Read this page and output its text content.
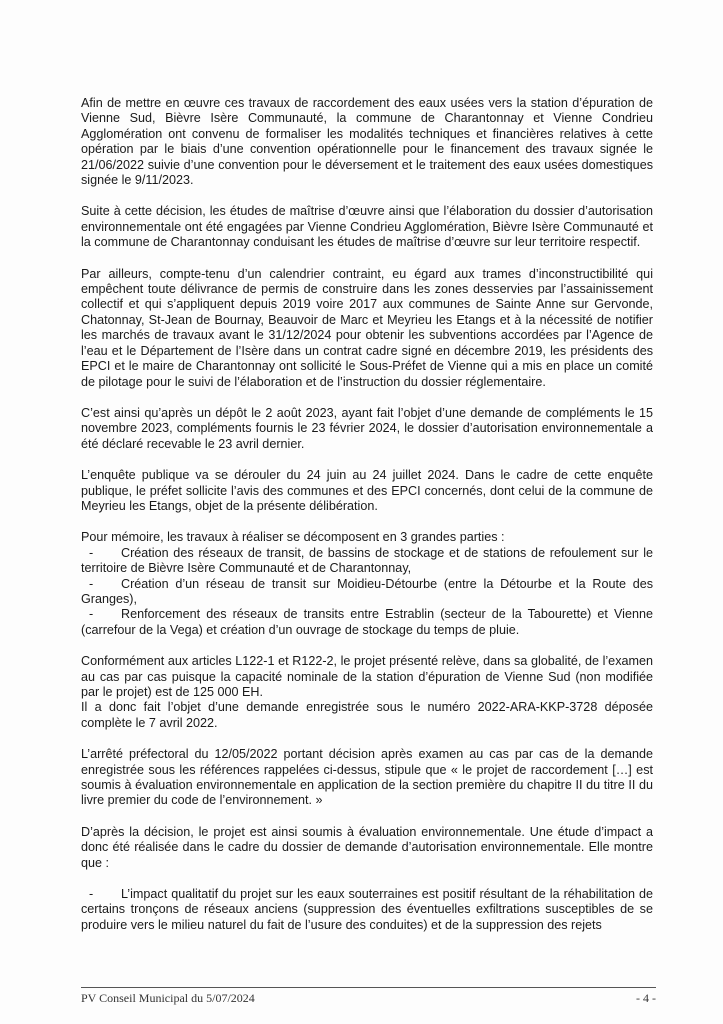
Afin de mettre en œuvre ces travaux de raccordement des eaux usées vers la station d’épuration de Vienne Sud, Bièvre Isère Communauté, la commune de Charantonnay et Vienne Condrieu Agglomération ont convenu de formaliser les modalités techniques et financières relatives à cette opération par le biais d’une convention opérationnelle pour le financement des travaux signée le 21/06/2022 suivie d’une convention pour le déversement et le traitement des eaux usées domestiques signée le 9/11/2023.

Suite à cette décision, les études de maîtrise d’œuvre ainsi que l’élaboration du dossier d’autorisation environnementale ont été engagées par Vienne Condrieu Agglomération, Bièvre Isère Communauté et la commune de Charantonnay conduisant les études de maîtrise d’œuvre sur leur territoire respectif.

Par ailleurs, compte-tenu d’un calendrier contraint, eu égard aux trames d’inconstructibilité qui empêchent toute délivrance de permis de construire dans les zones desservies par l’assainissement collectif et qui s’appliquent depuis 2019 voire 2017 aux communes de Sainte Anne sur Gervonde, Chatonnay, St-Jean de Bournay, Beauvoir de Marc et Meyrieu les Etangs et à la nécessité de notifier les marchés de travaux avant le 31/12/2024 pour obtenir les subventions accordées par l’Agence de l’eau et le Département de l’Isère dans un contrat cadre signé en décembre 2019, les présidents des EPCI et le maire de Charantonnay ont sollicité le Sous-Préfet de Vienne qui a mis en place un comité de pilotage pour le suivi de l’élaboration et de l’instruction du dossier réglementaire.

C’est ainsi qu’après un dépôt le 2 août 2023, ayant fait l’objet d’une demande de compléments le 15 novembre 2023, compléments fournis le 23 février 2024, le dossier d’autorisation environnementale a été déclaré recevable le 23 avril dernier.

L’enquête publique va se dérouler du 24 juin au 24 juillet 2024. Dans le cadre de cette enquête publique, le préfet sollicite l’avis des communes et des EPCI concernés, dont celui de la commune de Meyrieu les Etangs, objet de la présente délibération.

Pour mémoire, les travaux à réaliser se décomposent en 3 grandes parties :
- Création des réseaux de transit, de bassins de stockage et de stations de refoulement sur le territoire de Bièvre Isère Communauté et de Charantonnay,
- Création d’un réseau de transit sur Moidieu-Détourbe (entre la Détourbe et la Route des Granges),
- Renforcement des réseaux de transits entre Estrablin (secteur de la Tabourette) et Vienne (carrefour de la Vega) et création d’un ouvrage de stockage du temps de pluie.

Conformément aux articles L122-1 et R122-2, le projet présenté relève, dans sa globalité, de l’examen au cas par cas puisque la capacité nominale de la station d’épuration de Vienne Sud (non modifiée par le projet) est de 125 000 EH.
Il a donc fait l’objet d’une demande enregistrée sous le numéro 2022-ARA-KKP-3728 déposée complète le 7 avril 2022.

L’arrêté préfectoral du 12/05/2022 portant décision après examen au cas par cas de la demande enregistrée sous les références rappelées ci-dessus, stipule que « le projet de raccordement […] est soumis à évaluation environnementale en application de la section première du chapitre II du titre II du livre premier du code de l’environnement. »

D’après la décision, le projet est ainsi soumis à évaluation environnementale. Une étude d’impact a donc été réalisée dans le cadre du dossier de demande d’autorisation environnementale. Elle montre que :

- L’impact qualitatif du projet sur les eaux souterraines est positif résultant de la réhabilitation de certains tronçons de réseaux anciens (suppression des éventuelles exfiltrations susceptibles de se produire vers le milieu naturel du fait de l’usure des conduites) et de la suppression des rejets

PV Conseil Municipal du 5/07/2024	- 4 -
